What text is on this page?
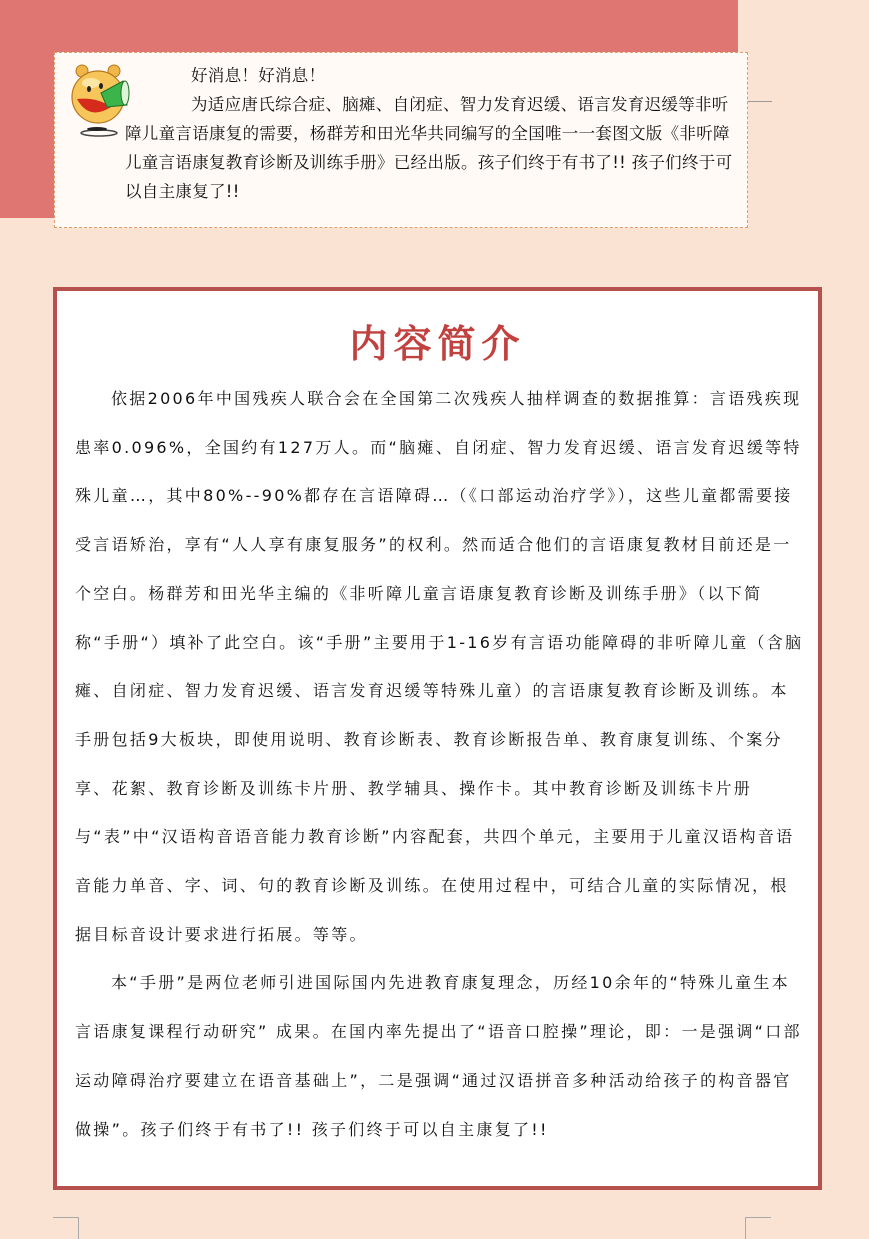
好消息！好消息！

为适应唐氏综合症、脑瘫、自闭症、智力发育迟缓、语言发育迟缓等非听障儿童言语康复的需要，杨群芳和田光华共同编写的全国唯一一套图文版《非听障儿童言语康复教育诊断及训练手册》已经出版。孩子们终于有书了!! 孩子们终于可以自主康复了!!

内容简介

依据2006年中国残疾人联合会在全国第二次残疾人抽样调查的数据推算：言语残疾现患率0.096%，全国约有127万人。而“脑瘫、自闭症、智力发育迟缓、语言发育迟缓等特殊儿童…，其中80%--90%都存在言语障碍…（《口部运动治疗学》），这些儿童都需要接受言语矫治，享有“人人享有康复服务”的权利。然而适合他们的言语康复教材目前还是一个空白。杨群芳和田光华主编的《非听障儿童言语康复教育诊断及训练手册》（以下简称“手册“）填补了此空白。该“手册”主要用于1-16岁有言语功能障碍的非听障儿童（含脑瘫、自闭症、智力发育迟缓、语言发育迟缓等特殊儿童）的言语康复教育诊断及训练。本手册包括9大板块，即使用说明、教育诊断表、教育诊断报告单、教育康复训练、个案分享、花絮、教育诊断及训练卡片册、教学辅具、操作卡。其中教育诊断及训练卡片册与“表”中“汉语构音语音能力教育诊断”内容配套，共四个单元，主要用于儿童汉语构音语音能力单音、字、词、句的教育诊断及训练。在使用过程中，可结合儿童的实际情况，根据目标音设计要求进行拓展。等等。

本“手册”是两位老师引进国际国内先进教育康复理念，历经10余年的“特殊儿童生本言语康复课程行动研究” 成果。在国内率先提出了“语音口腔操”理论，即：一是强调“口部运动障碍治疗要建立在语音基础上”，二是强调“通过汉语拼音多种活动给孩子的构音器官做操”。孩子们终于有书了!! 孩子们终于可以自主康复了!!
